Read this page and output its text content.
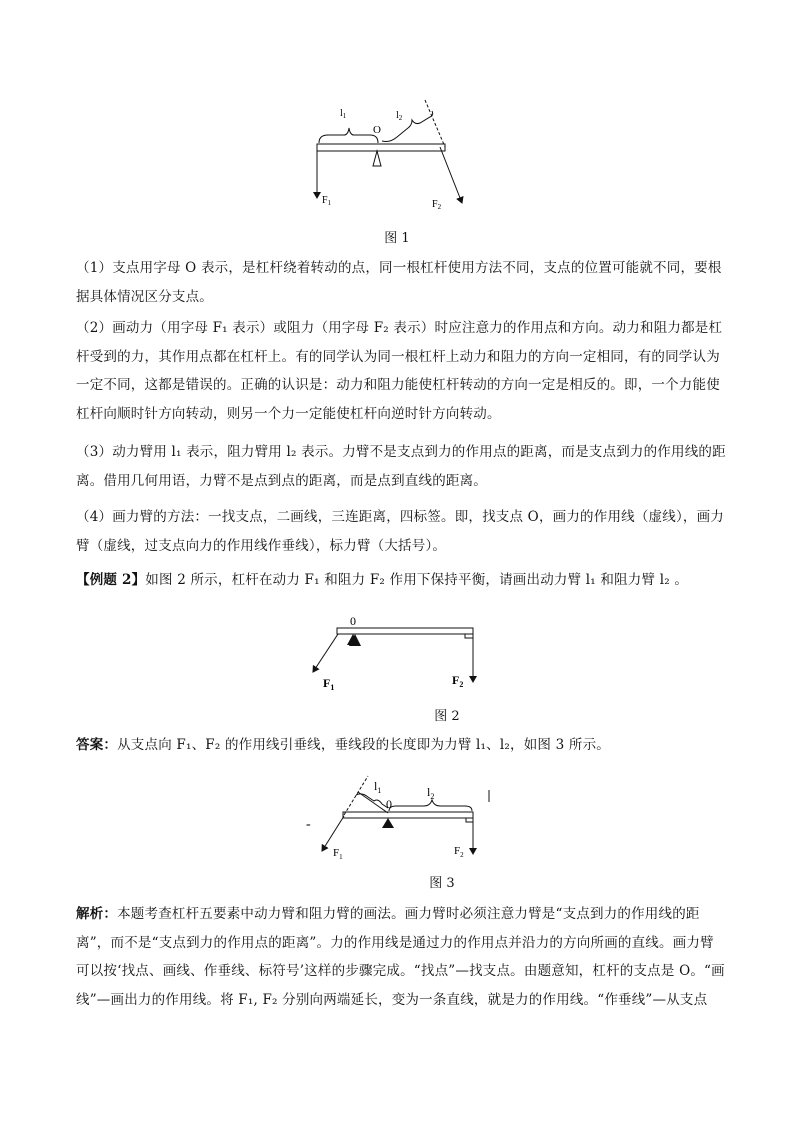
$l_1$
O
$l_2$
$F_1$	$F_2$
图 1

（1）支点用字母 O 表示，是杠杆绕着转动的点，同一根杠杆使用方法不同，支点的位置可能就不同，要根据具体情况区分支点。

（2）画动力（用字母 F₁ 表示）或阻力（用字母 F₂ 表示）时应注意力的作用点和方向。动力和阻力都是杠杆受到的力，其作用点都在杠杆上。有的同学认为同一根杠杆上动力和阻力的方向一定相同，有的同学认为一定不同，这都是错误的。正确的认识是：动力和阻力能使杠杆转动的方向一定是相反的。即，一个力能使杠杆向顺时针方向转动，则另一个力一定能使杠杆向逆时针方向转动。

（3）动力臂用 l₁ 表示，阻力臂用 l₂ 表示。力臂不是支点到力的作用点的距离，而是支点到力的作用线的距离。借用几何用语，力臂不是点到点的距离，而是点到直线的距离。

（4）画力臂的方法：一找支点，二画线，三连距离，四标签。即，找支点 O，画力的作用线（虚线），画力臂（虚线，过支点向力的作用线作垂线），标力臂（大括号）。

【例题 2】如图 2 所示，杠杆在动力 F₁ 和阻力 F₂ 作用下保持平衡，请画出动力臂 l₁ 和阻力臂 l₂ 。

0
$F_1$
$F_2$
图 2

答案：从支点向 F₁、F₂ 的作用线引垂线，垂线段的长度即为力臂 l₁、l₂，如图 3 所示。

-
$l_1$
0
$l_2$
$F_1$	$F_2$
图 3

解析：本题考查杠杆五要素中动力臂和阻力臂的画法。画力臂时必须注意力臂是“支点到力的作用线的距离”，而不是“支点到力的作用点的距离”。力的作用线是通过力的作用点并沿力的方向所画的直线。画力臂可以按‘找点、画线、作垂线、标符号’这样的步骤完成。“找点”—找支点。由题意知，杠杆的支点是 O。“画线”—画出力的作用线。将 F₁, F₂ 分别向两端延长，变为一条直线，就是力的作用线。“作垂线”—从支点
